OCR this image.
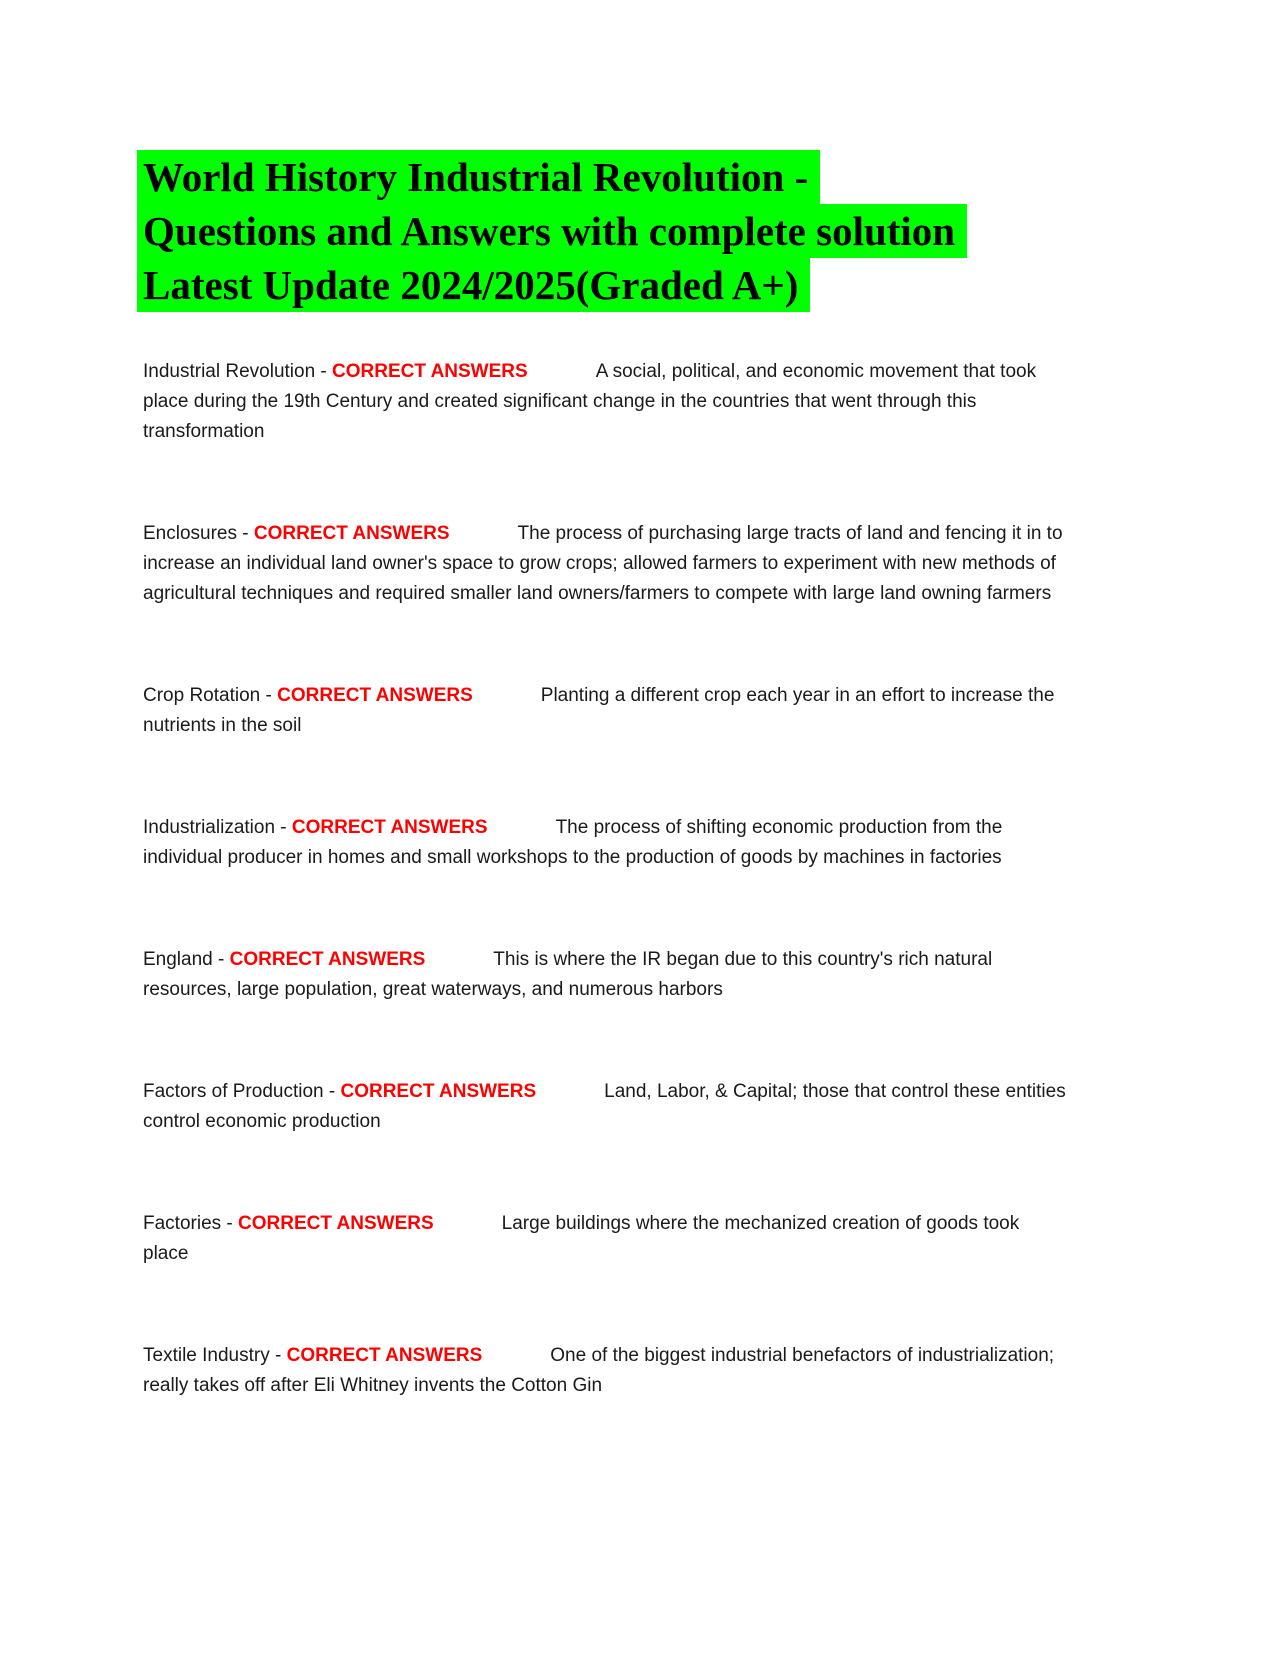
World History Industrial Revolution -
Questions and Answers with complete solution
Latest Update 2024/2025(Graded A+)

Industrial Revolution - CORRECT ANSWERS	A social, political, and economic movement that took place during the 19th Century and created significant change in the countries that went through this transformation

Enclosures - CORRECT ANSWERS	The process of purchasing large tracts of land and fencing it in to increase an individual land owner's space to grow crops; allowed farmers to experiment with new methods of agricultural techniques and required smaller land owners/farmers to compete with large land owning farmers

Crop Rotation - CORRECT ANSWERS	Planting a different crop each year in an effort to increase the nutrients in the soil

Industrialization - CORRECT ANSWERS	The process of shifting economic production from the individual producer in homes and small workshops to the production of goods by machines in factories

England - CORRECT ANSWERS	This is where the IR began due to this country's rich natural resources, large population, great waterways, and numerous harbors

Factors of Production - CORRECT ANSWERS	Land, Labor, & Capital; those that control these entities control economic production

Factories - CORRECT ANSWERS	Large buildings where the mechanized creation of goods took place

Textile Industry - CORRECT ANSWERS	One of the biggest industrial benefactors of industrialization; really takes off after Eli Whitney invents the Cotton Gin
